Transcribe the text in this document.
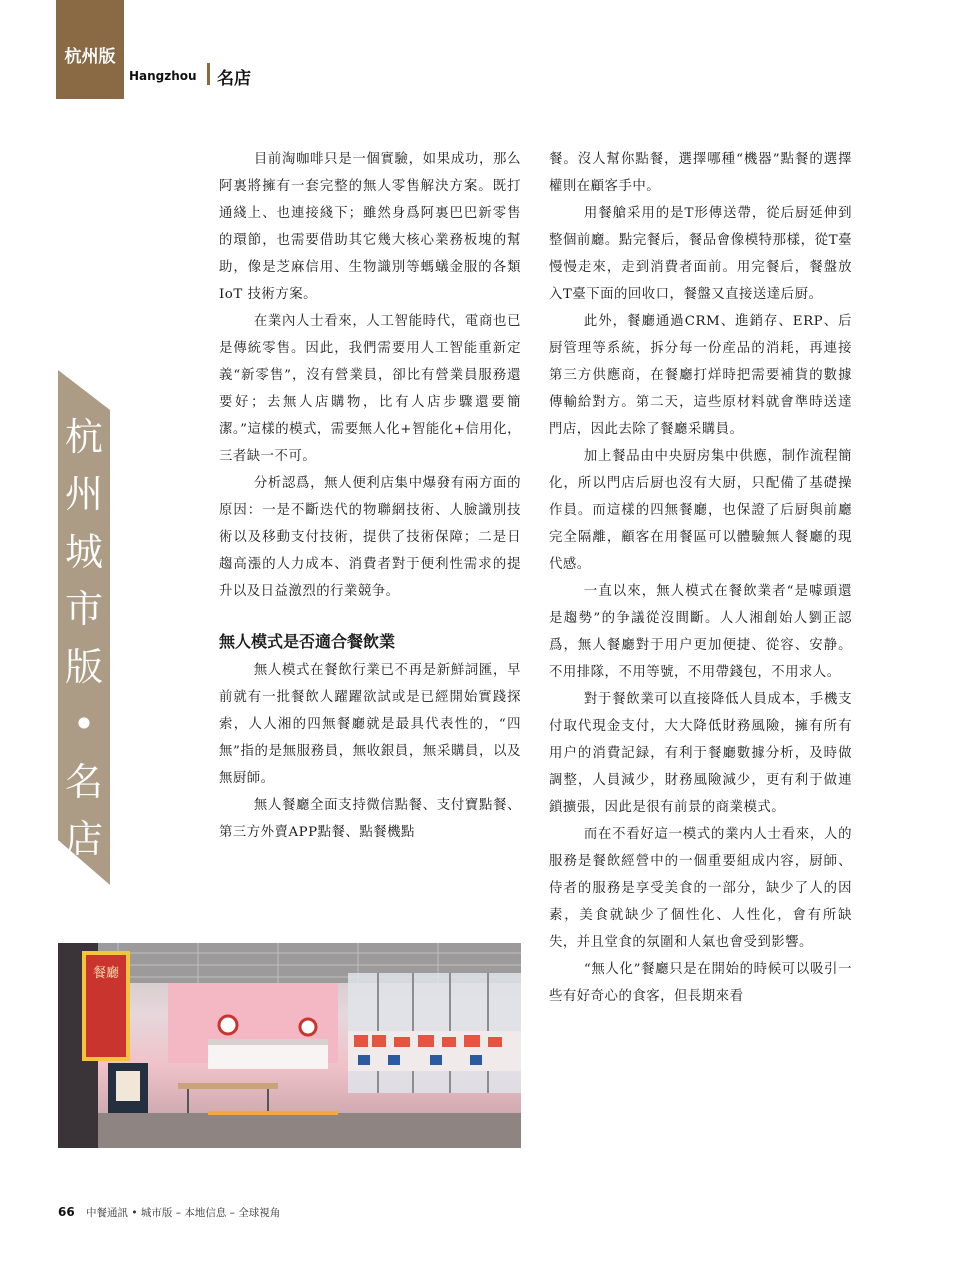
杭州版
Hangzhou 名店
杭
州
城
市
版
•
名
店

目前淘咖啡只是一個實驗，如果成功，那么阿裏將擁有一套完整的無人零售解決方案。既打通綫上、也連接綫下；雖然身爲阿裏巴巴新零售的環節，也需要借助其它幾大核心業務板塊的幫助，像是芝麻信用、生物識別等螞蟻金服的各類 IoT 技術方案。

在業內人士看來，人工智能時代，電商也已是傳統零售。因此，我們需要用人工智能重新定義“新零售”，沒有營業員，卻比有營業員服務還要好；去無人店購物，比有人店步驟還要簡潔。”這樣的模式，需要無人化+智能化+信用化，三者缺一不可。

分析認爲，無人便利店集中爆發有兩方面的原因：一是不斷迭代的物聯網技術、人臉識別技術以及移動支付技術，提供了技術保障；二是日趨高漲的人力成本、消費者對于便利性需求的提升以及日益激烈的行業競争。

無人模式是否適合餐飲業

無人模式在餐飲行業已不再是新鮮詞匯，早前就有一批餐飲人躍躍欲試或是已經開始實踐探索，人人湘的四無餐廳就是最具代表性的，“四無”指的是無服務員，無收銀員，無采購員，以及無厨師。

無人餐廳全面支持微信點餐、支付寶點餐、第三方外賣APP點餐、點餐機點

餐。沒人幫你點餐，選擇哪種“機器”點餐的選擇權則在顧客手中。

用餐艙采用的是T形傳送帶，從后厨延伸到整個前廳。點完餐后，餐品會像模特那樣，從T臺慢慢走來，走到消費者面前。用完餐后，餐盤放入T臺下面的回收口，餐盤又直接送達后厨。

此外，餐廳通過CRM、進銷存、ERP、后厨管理等系統，拆分每一份産品的消耗，再連接第三方供應商，在餐廳打烊時把需要補貨的數據傳輸給對方。第二天，這些原材料就會準時送達門店，因此去除了餐廳采購員。

加上餐品由中央厨房集中供應，制作流程簡化，所以門店后厨也沒有大厨，只配備了基礎操作員。而這樣的四無餐廳，也保證了后厨與前廳完全隔離，顧客在用餐區可以體驗無人餐廳的現代感。

一直以來，無人模式在餐飲業者“是噱頭還是趨勢”的争議從沒間斷。人人湘創始人劉正認爲，無人餐廳對于用户更加便捷、從容、安静。不用排隊，不用等號，不用帶錢包，不用求人。

對于餐飲業可以直接降低人員成本，手機支付取代現金支付，大大降低財務風險，擁有所有用户的消費記録，有利于餐廳數據分析，及時做調整，人員減少，財務風險減少，更有利于做連鎖擴張，因此是很有前景的商業模式。

而在不看好這一模式的業内人士看來，人的服務是餐飲經營中的一個重要組成内容，厨師、侍者的服務是享受美食的一部分，缺少了人的因素，美食就缺少了個性化、人性化，會有所缺失，并且堂食的氛圍和人氣也會受到影響。

“無人化”餐廳只是在開始的時候可以吸引一些有好奇心的食客，但長期來看

餐廳
66 中餐通訊 • 城市版 – 本地信息 – 全球視角
